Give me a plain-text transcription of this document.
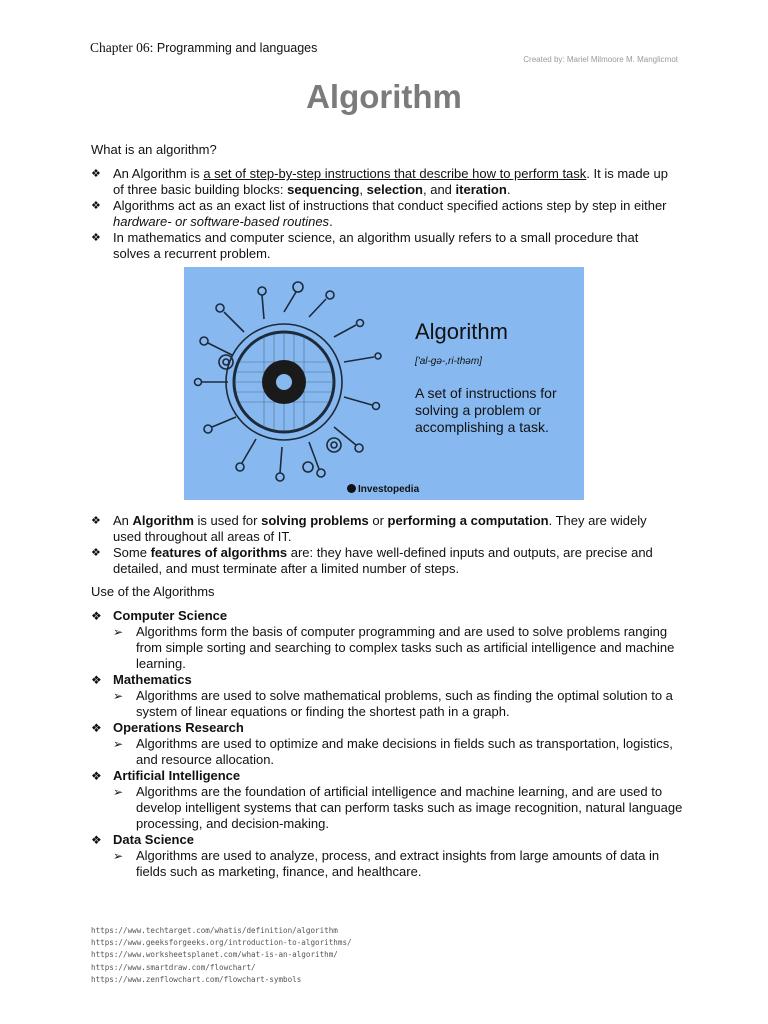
Chapter 06: Programming and languages
Created by: Mariel Milmoore M. Manglicmot
Algorithm
What is an algorithm?
❖ An Algorithm is a set of step-by-step instructions that describe how to perform task. It is made up of three basic building blocks: sequencing, selection, and iteration.
❖ Algorithms act as an exact list of instructions that conduct specified actions step by step in either hardware- or software-based routines.
❖ In mathematics and computer science, an algorithm usually refers to a small procedure that solves a recurrent problem.
Algorithm
['al-gə-,ri-thəm]
A set of instructions for solving a problem or accomplishing a task.
Investopedia
❖ An Algorithm is used for solving problems or performing a computation. They are widely used throughout all areas of IT.
❖ Some features of algorithms are: they have well-defined inputs and outputs, are precise and detailed, and must terminate after a limited number of steps.
Use of the Algorithms
❖ Computer Science
➢ Algorithms form the basis of computer programming and are used to solve problems ranging from simple sorting and searching to complex tasks such as artificial intelligence and machine learning.
❖ Mathematics
➢ Algorithms are used to solve mathematical problems, such as finding the optimal solution to a system of linear equations or finding the shortest path in a graph.
❖ Operations Research
➢ Algorithms are used to optimize and make decisions in fields such as transportation, logistics, and resource allocation.
❖ Artificial Intelligence
➢ Algorithms are the foundation of artificial intelligence and machine learning, and are used to develop intelligent systems that can perform tasks such as image recognition, natural language processing, and decision-making.
❖ Data Science
➢ Algorithms are used to analyze, process, and extract insights from large amounts of data in fields such as marketing, finance, and healthcare.
https://www.techtarget.com/whatis/definition/algorithm
https://www.geeksforgeeks.org/introduction-to-algorithms/
https://www.worksheetsplanet.com/what-is-an-algorithm/
https://www.smartdraw.com/flowchart/
https://www.zenflowchart.com/flowchart-symbols
